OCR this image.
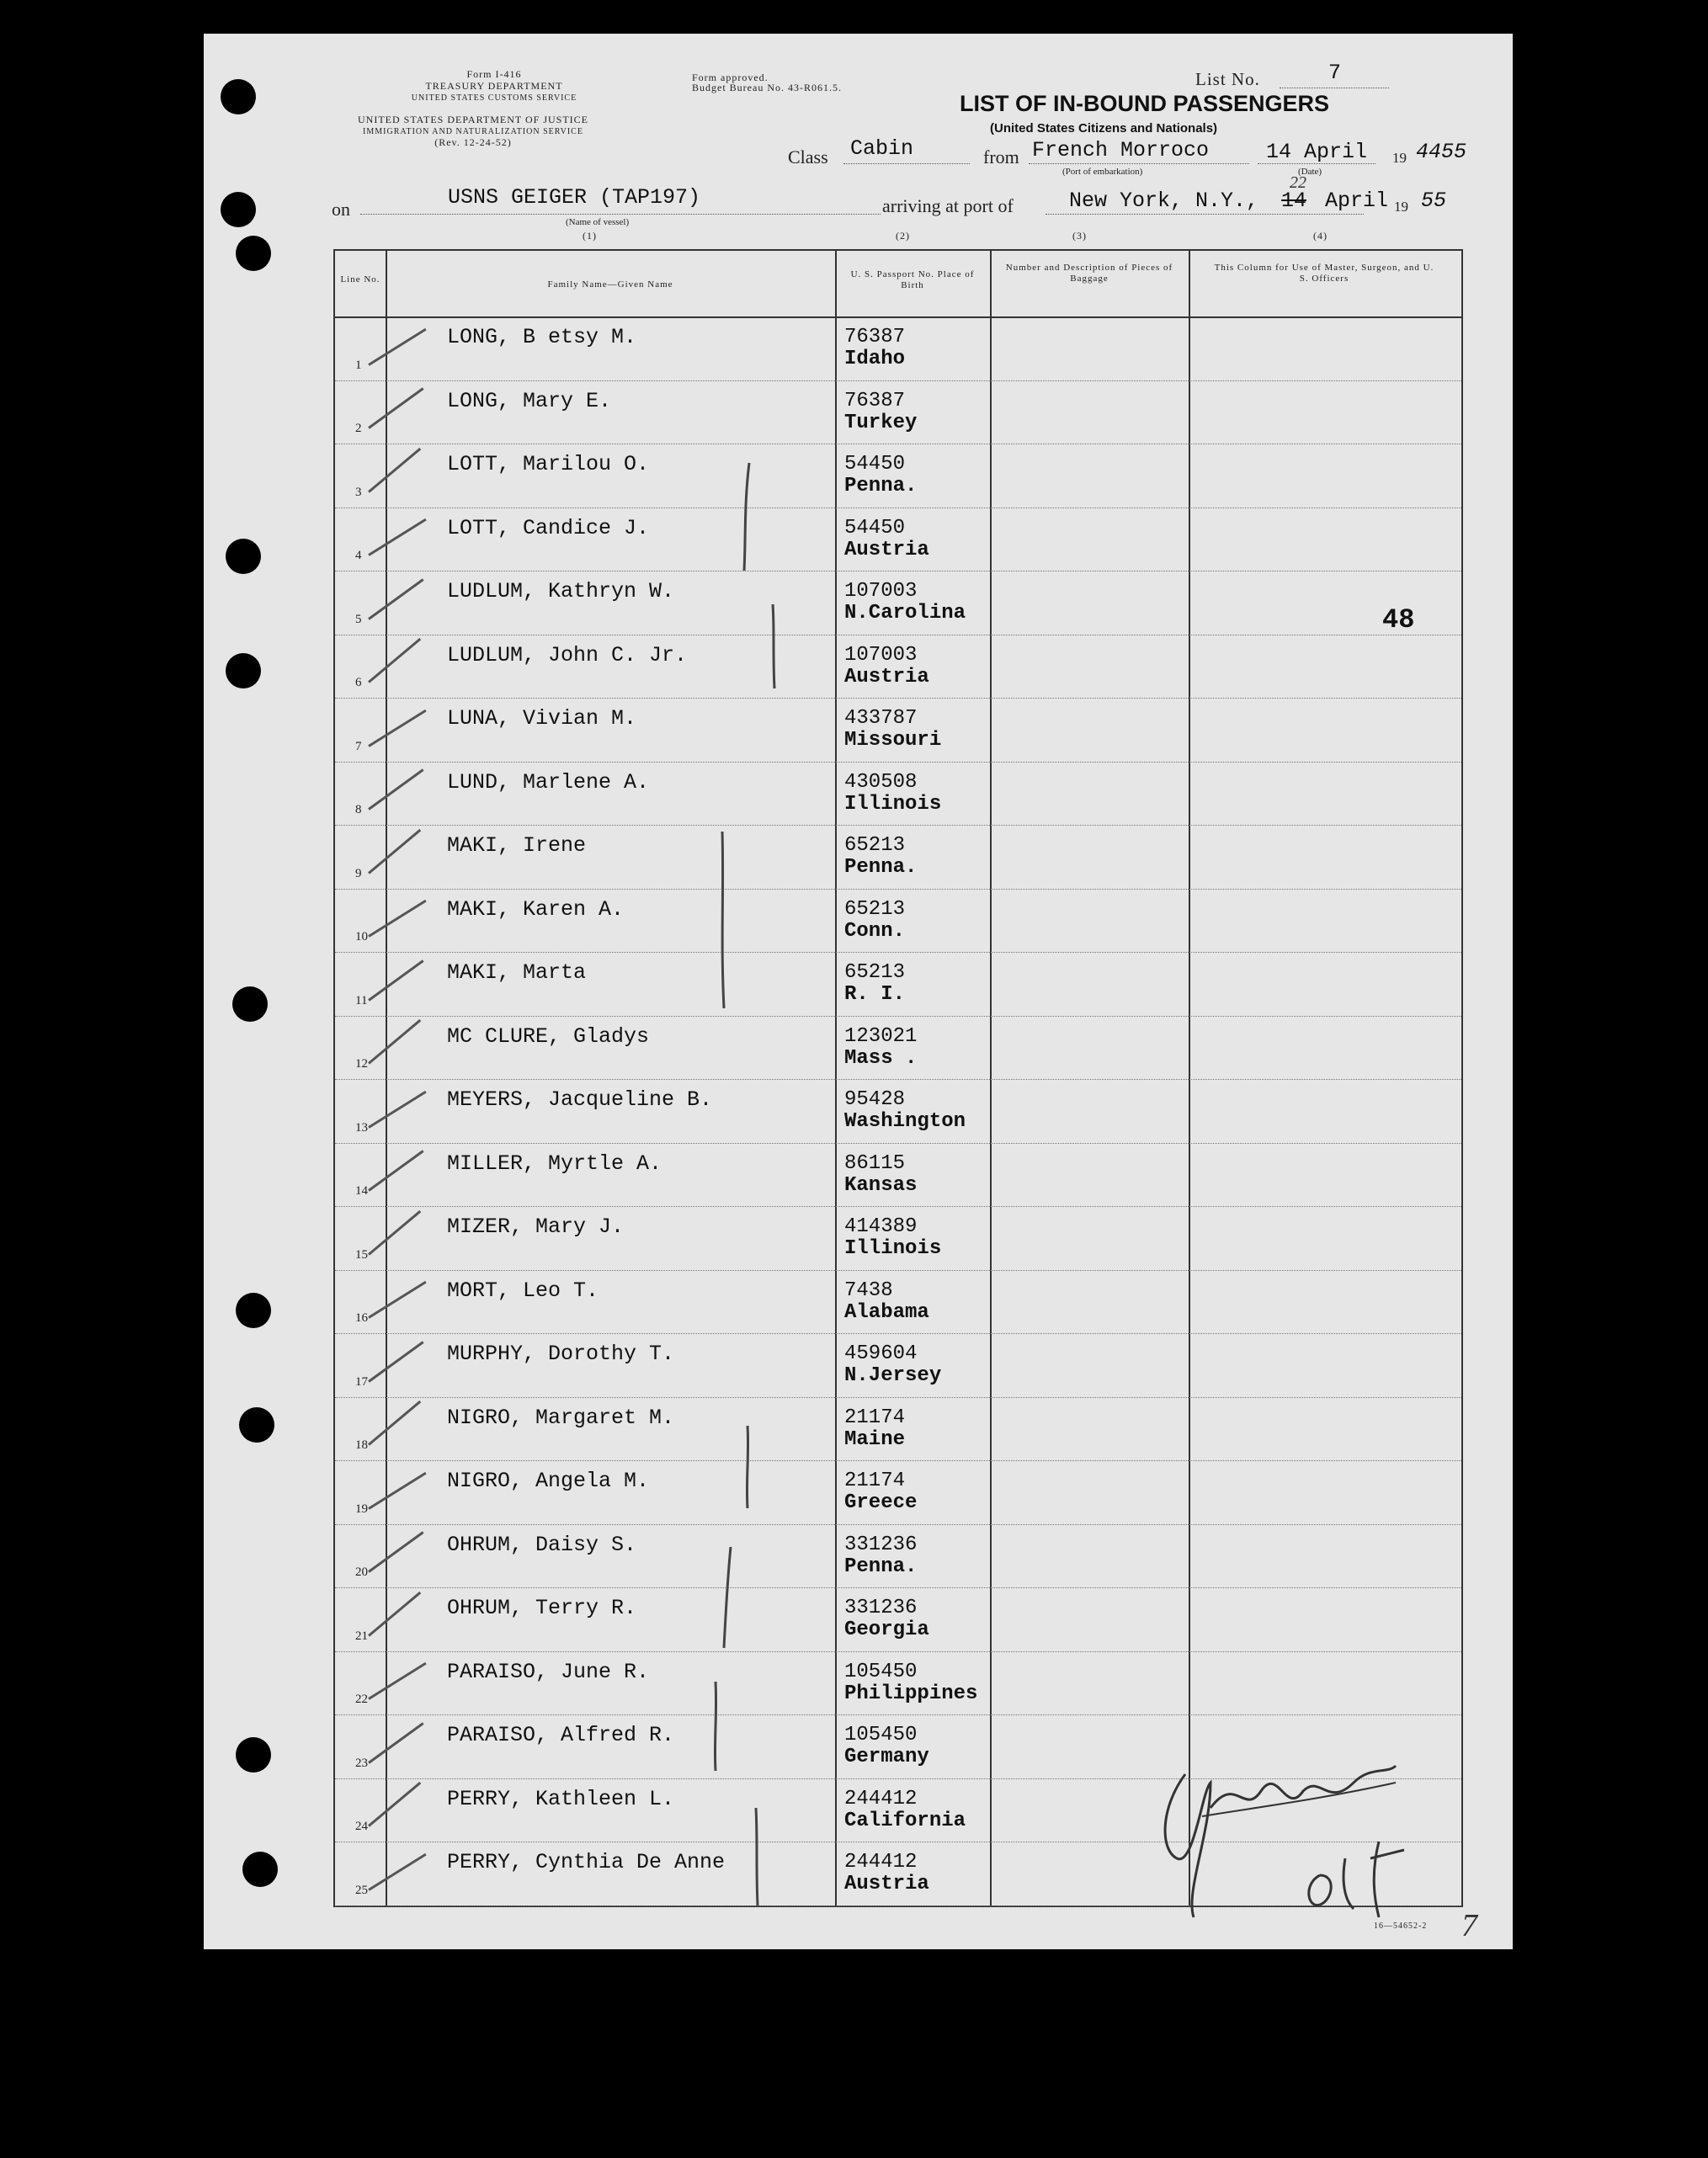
Form I-416
TREASURY DEPARTMENT
UNITED STATES CUSTOMS SERVICE
UNITED STATES DEPARTMENT OF JUSTICE
IMMIGRATION AND NATURALIZATION SERVICE
(Rev. 12-24-52)
Form approved.
Budget Bureau No. 43-R061.5.	List No.	7
LIST OF IN-BOUND PASSENGERS
(United States Citizens and Nationals)
Class Cabin	from French Morroco
(Port of embarkation)
14 April 19 4455
(Date)
on	USNS GEIGER (TAP197)
(Name of vessel)
arriving at port of	New York, N.Y., 14
22
April 19 55
(1)	(2)	(3)	(4)
16—54652-2 7
Line No.	Family Name—Given Name
U. S. Passport No. Place of Birth
Number and Description of Pieces of Baggage
This Column for Use of Master, Surgeon, and U. S. Officers
1
LONG, B etsy M.	76387
Idaho
2
LONG, Mary E.	76387
Turkey
3
LOTT, Marilou O.	54450
Penna.
4
LOTT, Candice J.	54450
Austria
5
LUDLUM, Kathryn W.	107003
N.Carolina
6
LUDLUM, John C. Jr.	107003
Austria
7
LUNA, Vivian M.	433787
Missouri
8
LUND, Marlene A.	430508
Illinois
9
MAKI, Irene	65213
Penna.
10
MAKI, Karen A.	65213
Conn.
11
MAKI, Marta	65213
R. I.
12
MC CLURE, Gladys	123021
Mass .
13
MEYERS, Jacqueline B.	95428
Washington
14
MILLER, Myrtle A.	86115
Kansas
15
MIZER, Mary J.	414389
Illinois
16
MORT, Leo T.	7438
Alabama
17
MURPHY, Dorothy T.	459604
N.Jersey
18
NIGRO, Margaret M.	21174
Maine
19
NIGRO, Angela M.	21174
Greece
20
OHRUM, Daisy S.	331236
Penna.
21
OHRUM, Terry R.	331236
Georgia
22
PARAISO, June R.	105450
Philippines
23
PARAISO, Alfred R.	105450
Germany
24
PERRY, Kathleen L.	244412
California
25
PERRY, Cynthia De Anne	244412
Austria
48
